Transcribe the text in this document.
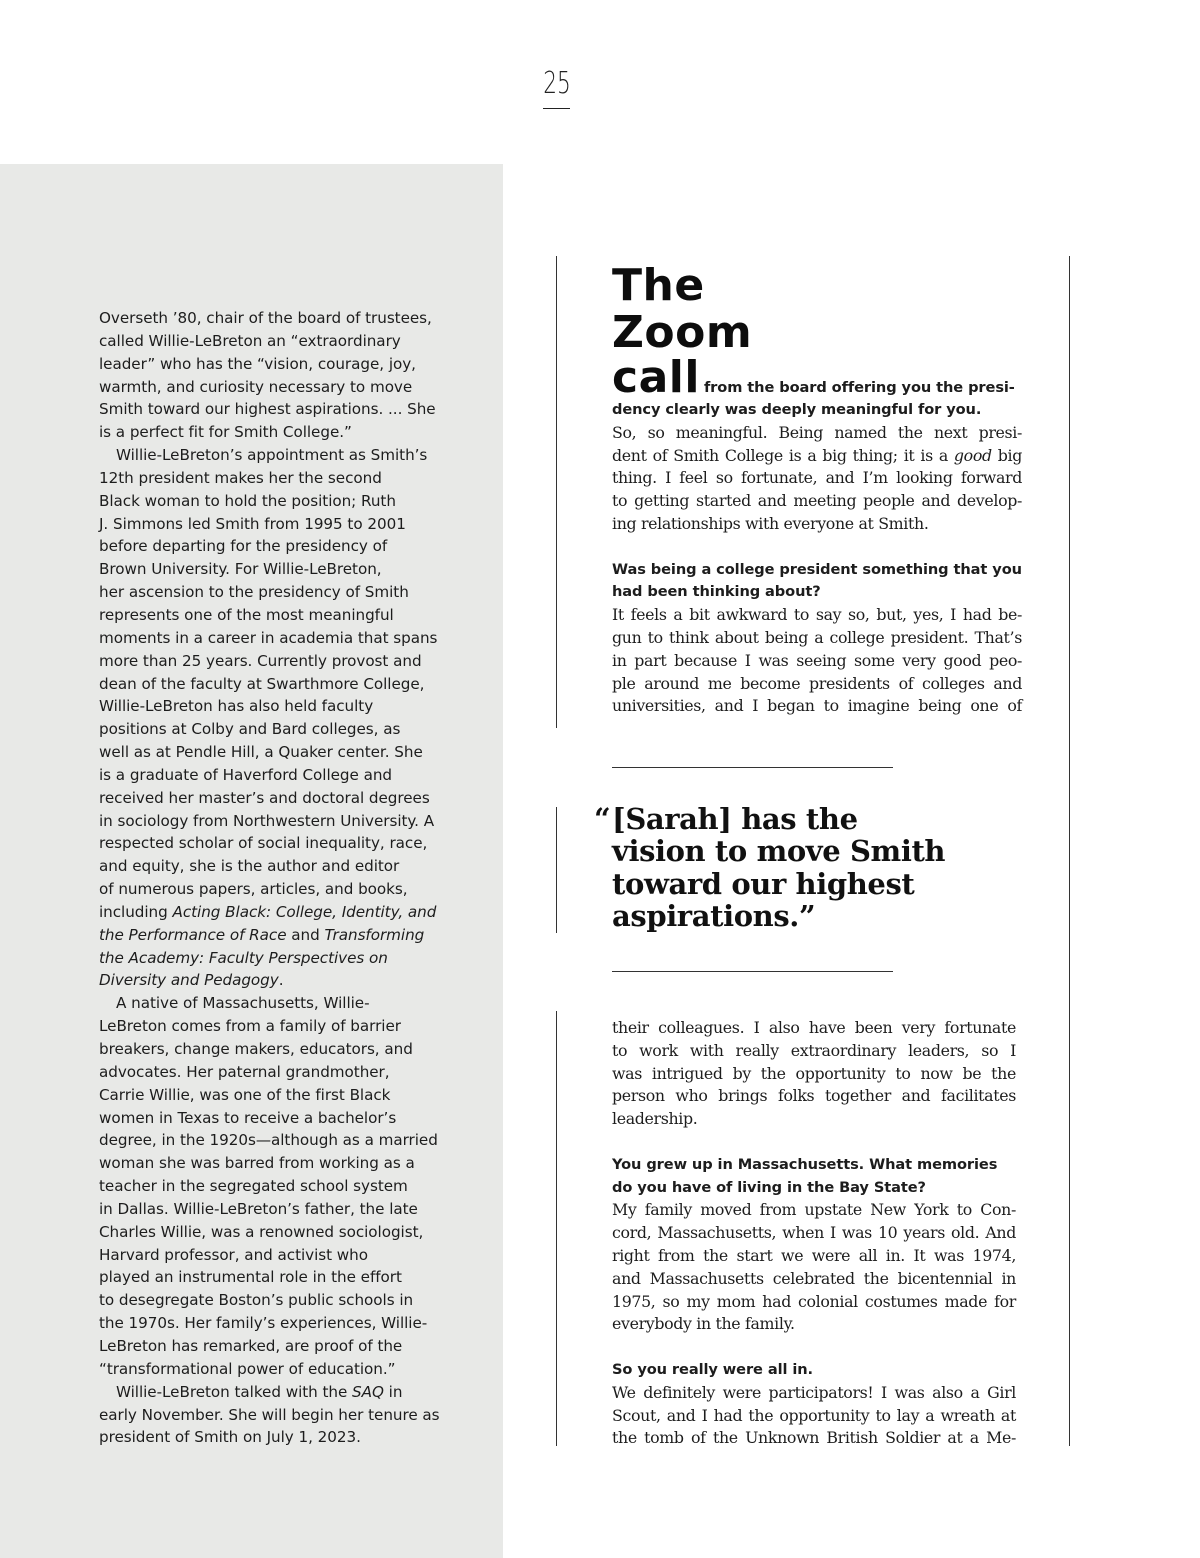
25
Overseth ’80, chair of the board of trustees,
called Willie-LeBreton an “extraordinary
leader” who has the “vision, courage, joy,
warmth, and curiosity necessary to move
Smith toward our highest aspirations. ... She
is a perfect fit for Smith College.”
Willie-LeBreton’s appointment as Smith’s
12th president makes her the second
Black woman to hold the position; Ruth
J. Simmons led Smith from 1995 to 2001
before departing for the presidency of
Brown University. For Willie-LeBreton,
her ascension to the presidency of Smith
represents one of the most meaningful
moments in a career in academia that spans
more than 25 years. Currently provost and
dean of the faculty at Swarthmore College,
Willie-LeBreton has also held faculty
positions at Colby and Bard colleges, as
well as at Pendle Hill, a Quaker center. She
is a graduate of Haverford College and
received her master’s and doctoral degrees
in sociology from Northwestern University. A
respected scholar of social inequality, race,
and equity, she is the author and editor
of numerous papers, articles, and books,
including Acting Black: College, Identity, and
the Performance of Race and Transforming
the Academy: Faculty Perspectives on
Diversity and Pedagogy.
A native of Massachusetts, Willie-
LeBreton comes from a family of barrier
breakers, change makers, educators, and
advocates. Her paternal grandmother,
Carrie Willie, was one of the first Black
women in Texas to receive a bachelor’s
degree, in the 1920s—although as a married
woman she was barred from working as a
teacher in the segregated school system
in Dallas. Willie-LeBreton’s father, the late
Charles Willie, was a renowned sociologist,
Harvard professor, and activist who
played an instrumental role in the effort
to desegregate Boston’s public schools in
the 1970s. Her family’s experiences, Willie-
LeBreton has remarked, are proof of the
“transformational power of education.”
Willie-LeBreton talked with the SAQ in
early November. She will begin her tenure as
president of Smith on July 1, 2023.
The
Zoom
call from the board offering you the presi-
dency clearly was deeply meaningful for you.
So, so meaningful. Being named the next presi-
dent of Smith College is a big thing; it is a good big
thing. I feel so fortunate, and I’m looking forward
to getting started and meeting people and develop-
ing relationships with everyone at Smith.
Was being a college president something that you
had been thinking about?
It feels a bit awkward to say so, but, yes, I had be-
gun to think about being a college president. That’s
in part because I was seeing some very good peo-
ple around me become presidents of colleges and
universities, and I began to imagine being one of
“ [Sarah] has the
vision to move Smith
toward our highest
aspirations.”
their colleagues. I also have been very fortunate
to work with really extraordinary leaders, so I
was intrigued by the opportunity to now be the
person who brings folks together and facilitates
leadership.
You grew up in Massachusetts. What memories
do you have of living in the Bay State?
My family moved from upstate New York to Con-
cord, Massachusetts, when I was 10 years old. And
right from the start we were all in. It was 1974,
and Massachusetts celebrated the bicentennial in
1975, so my mom had colonial costumes made for
everybody in the family.
So you really were all in.
We definitely were participators! I was also a Girl
Scout, and I had the opportunity to lay a wreath at
the tomb of the Unknown British Soldier at a Me-
